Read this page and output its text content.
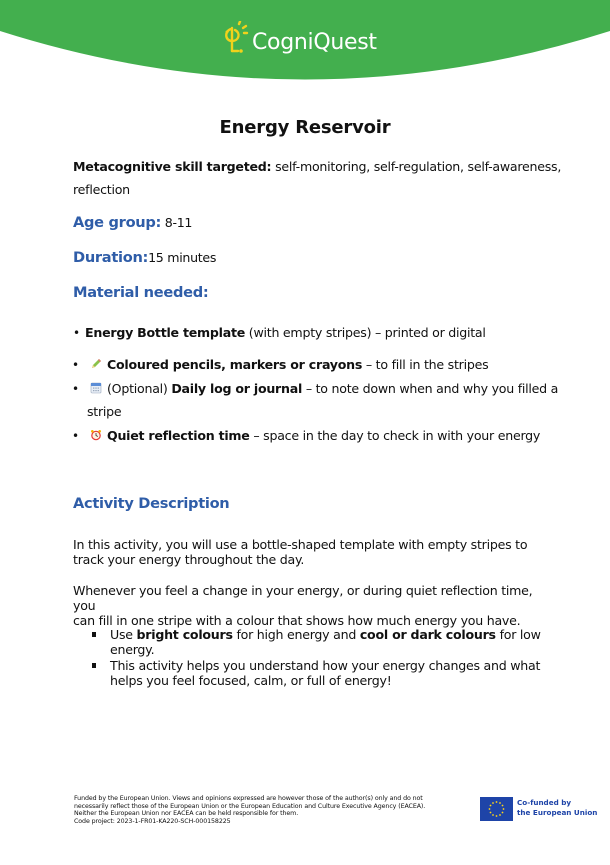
CogniQuest
Energy Reservoir
Metacognitive skill targeted: self-monitoring, self-regulation, self-awareness,
reflection
Age group: 8-11
Duration:15 minutes
Material needed:
• Energy Bottle template (with empty stripes) – printed or digital
•	Coloured pencils, markers or crayons – to fill in the stripes
•	(Optional) Daily log or journal – to note down when and why you filled a
stripe
•	Quiet reflection time – space in the day to check in with your energy
Activity Description
In this activity, you will use a bottle-shaped template with empty stripes to
track your energy throughout the day.
Whenever you feel a change in your energy, or during quiet reflection time, you
can fill in one stripe with a colour that shows how much energy you have.
Use bright colours for high energy and cool or dark colours for low
energy.
This activity helps you understand how your energy changes and what
helps you feel focused, calm, or full of energy!
Funded by the European Union. Views and opinions expressed are however those of the author(s) only and do not
necessarily reflect those of the European Union or the European Education and Culture Executive Agency (EACEA).
Neither the European Union nor EACEA can be held responsible for them.
Code project: 2023-1-FR01-KA220-SCH-000158225
Co-funded by
the European Union
